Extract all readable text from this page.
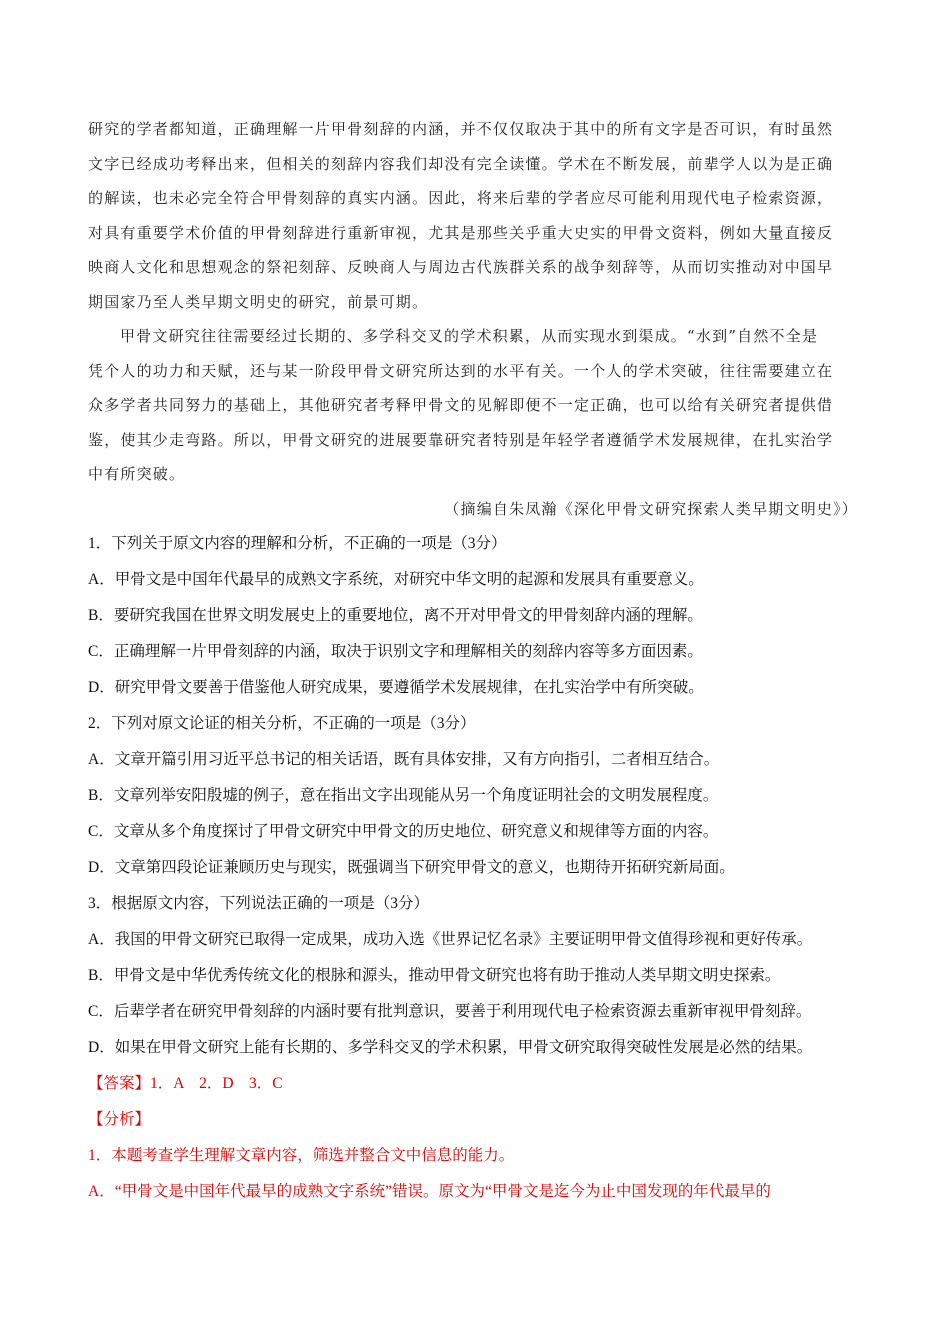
研究的学者都知道，正确理解一片甲骨刻辞的内涵，并不仅仅取决于其中的所有文字是否可识，有时虽然
文字已经成功考释出来，但相关的刻辞内容我们却没有完全读懂。学术在不断发展，前辈学人以为是正确
的解读，也未必完全符合甲骨刻辞的真实内涵。因此，将来后辈的学者应尽可能利用现代电子检索资源，
对具有重要学术价值的甲骨刻辞进行重新审视，尤其是那些关乎重大史实的甲骨文资料，例如大量直接反
映商人文化和思想观念的祭祀刻辞、反映商人与周边古代族群关系的战争刻辞等，从而切实推动对中国早
期国家乃至人类早期文明史的研究，前景可期。
甲骨文研究往往需要经过长期的、多学科交叉的学术积累，从而实现水到渠成。“水到”自然不全是
凭个人的功力和天赋，还与某一阶段甲骨文研究所达到的水平有关。一个人的学术突破，往往需要建立在
众多学者共同努力的基础上，其他研究者考释甲骨文的见解即便不一定正确，也可以给有关研究者提供借
鉴，使其少走弯路。所以，甲骨文研究的进展要靠研究者特别是年轻学者遵循学术发展规律，在扎实治学
中有所突破。
（摘编自朱凤瀚《深化甲骨文研究探索人类早期文明史》）
1．下列关于原文内容的理解和分析，不正确的一项是（3分）
A．甲骨文是中国年代最早的成熟文字系统，对研究中华文明的起源和发展具有重要意义。
B．要研究我国在世界文明发展史上的重要地位，离不开对甲骨文的甲骨刻辞内涵的理解。
C．正确理解一片甲骨刻辞的内涵，取决于识别文字和理解相关的刻辞内容等多方面因素。
D．研究甲骨文要善于借鉴他人研究成果，要遵循学术发展规律，在扎实治学中有所突破。
2．下列对原文论证的相关分析，不正确的一项是（3分）
A．文章开篇引用习近平总书记的相关话语，既有具体安排，又有方向指引，二者相互结合。
B．文章列举安阳殷墟的例子，意在指出文字出现能从另一个角度证明社会的文明发展程度。
C．文章从多个角度探讨了甲骨文研究中甲骨文的历史地位、研究意义和规律等方面的内容。
D．文章第四段论证兼顾历史与现实，既强调当下研究甲骨文的意义，也期待开拓研究新局面。
3．根据原文内容，下列说法正确的一项是（3分）
A．我国的甲骨文研究已取得一定成果，成功入选《世界记忆名录》主要证明甲骨文值得珍视和更好传承。
B．甲骨文是中华优秀传统文化的根脉和源头，推动甲骨文研究也将有助于推动人类早期文明史探索。
C．后辈学者在研究甲骨刻辞的内涵时要有批判意识，要善于利用现代电子检索资源去重新审视甲骨刻辞。
D．如果在甲骨文研究上能有长期的、多学科交叉的学术积累，甲骨文研究取得突破性发展是必然的结果。
【答案】1．A　2．D　3．C
【分析】
1．本题考查学生理解文章内容，筛选并整合文中信息的能力。
A．“甲骨文是中国年代最早的成熟文字系统”错误。原文为“甲骨文是迄今为止中国发现的年代最早的
